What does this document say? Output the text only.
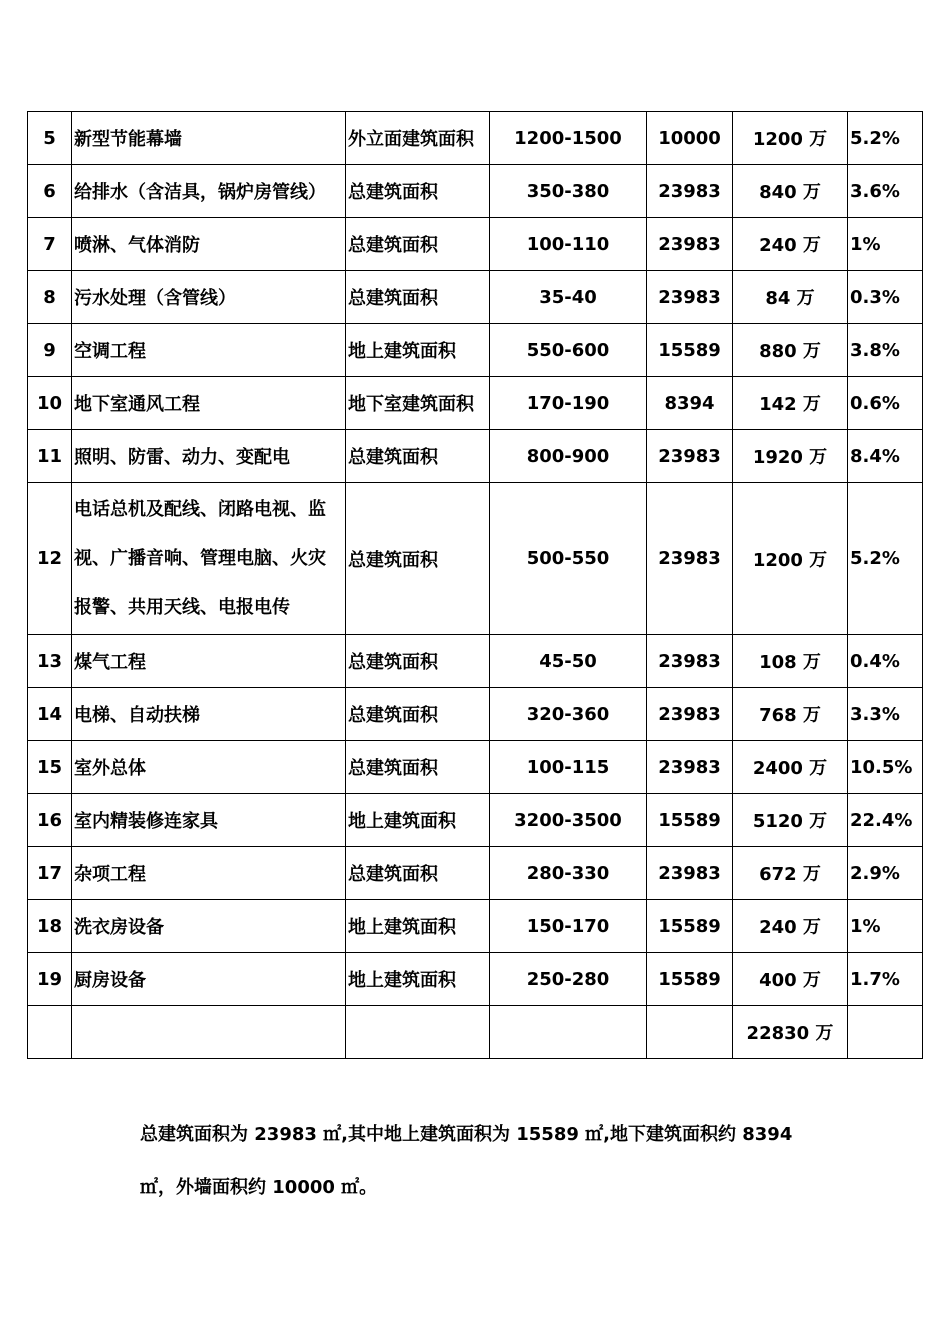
5	新型节能幕墙	外立面建筑面积	1200-1500	10000	1200 万	5.2%
6	给排水（含洁具，锅炉房管线）	总建筑面积	350-380	23983	840 万	3.6%
7	喷淋、气体消防	总建筑面积	100-110	23983	240 万	1%
8	污水处理（含管线）	总建筑面积	35-40	23983	84 万	0.3%
9	空调工程	地上建筑面积	550-600	15589	880 万	3.8%
10	地下室通风工程	地下室建筑面积	170-190	8394	142 万	0.6%
11	照明、防雷、动力、变配电	总建筑面积	800-900	23983	1920 万	8.4%
12	电话总机及配线、闭路电视、监视、广播音响、管理电脑、火灾报警、共用天线、电报电传	总建筑面积	500-550	23983	1200 万	5.2%
13	煤气工程	总建筑面积	45-50	23983	108 万	0.4%
14	电梯、自动扶梯	总建筑面积	320-360	23983	768 万	3.3%
15	室外总体	总建筑面积	100-115	23983	2400 万	10.5%
16	室内精装修连家具	地上建筑面积	3200-3500	15589	5120 万	22.4%
17	杂项工程	总建筑面积	280-330	23983	672 万	2.9%
18	洗衣房设备	地上建筑面积	150-170	15589	240 万	1%
19	厨房设备	地上建筑面积	250-280	15589	400 万	1.7%
					22830 万	
总建筑面积为 23983 ㎡,其中地上建筑面积为 15589 ㎡,地下建筑面积约 8394
㎡，外墙面积约 10000 ㎡。
